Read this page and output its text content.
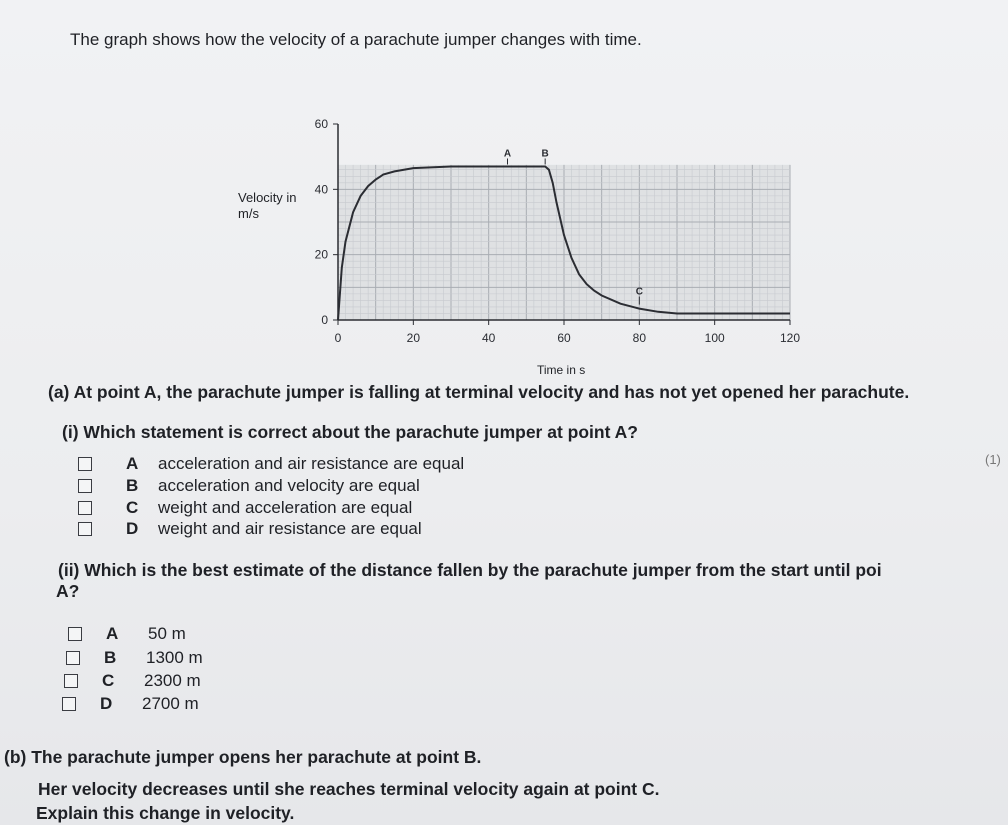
The graph shows how the velocity of a parachute jumper changes with time.
Velocity in m/s
0	20	40	60	80	100	120
0
20
40
60
A	B
C
Time in s
(a) At point A, the parachute jumper is falling at terminal velocity and has not yet opened her parachute.
(i) Which statement is correct about the parachute jumper at point A?
(1)
A	acceleration and air resistance are equal
B	acceleration and velocity are equal
C	weight and acceleration are equal
D	weight and air resistance are equal
(ii) Which is the best estimate of the distance fallen by the parachute jumper from the start until poi
A?
A	50 m
B	1300 m
C	2300 m
D	2700 m
(b) The parachute jumper opens her parachute at point B.
Her velocity decreases until she reaches terminal velocity again at point C.
Explain this change in velocity.
